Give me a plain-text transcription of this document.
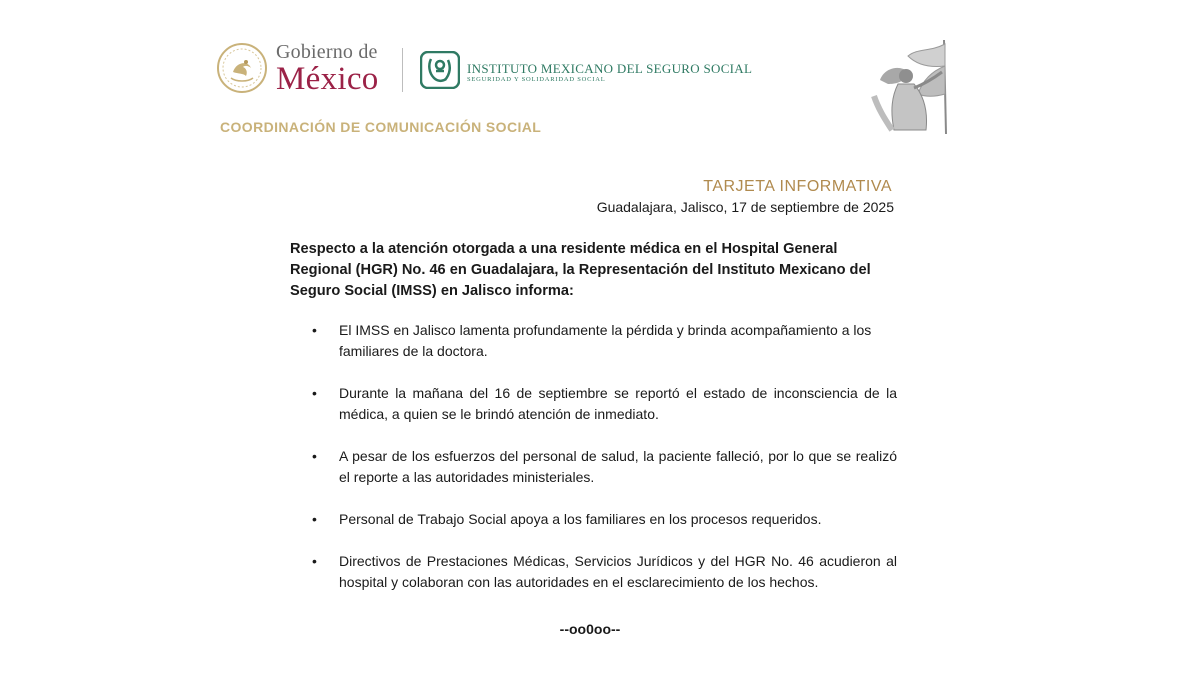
Gobierno de
México	INSTITUTO MEXICANO DEL SEGURO SOCIAL
SEGURIDAD Y SOLIDARIDAD SOCIAL
COORDINACIÓN DE COMUNICACIÓN SOCIAL
TARJETA INFORMATIVA
Guadalajara, Jalisco, 17 de septiembre de 2025
Respecto a la atención otorgada a una residente médica en el Hospital General Regional (HGR) No. 46 en Guadalajara, la Representación del Instituto Mexicano del Seguro Social (IMSS) en Jalisco informa:
• El IMSS en Jalisco lamenta profundamente la pérdida y brinda acompañamiento a los familiares de la doctora.
• Durante la mañana del 16 de septiembre se reportó el estado de inconsciencia de la médica, a quien se le brindó atención de inmediato.
• A pesar de los esfuerzos del personal de salud, la paciente falleció, por lo que se realizó el reporte a las autoridades ministeriales.
• Personal de Trabajo Social apoya a los familiares en los procesos requeridos.
• Directivos de Prestaciones Médicas, Servicios Jurídicos y del HGR No. 46 acudieron al hospital y colaboran con las autoridades en el esclarecimiento de los hechos.
--oo0oo--
